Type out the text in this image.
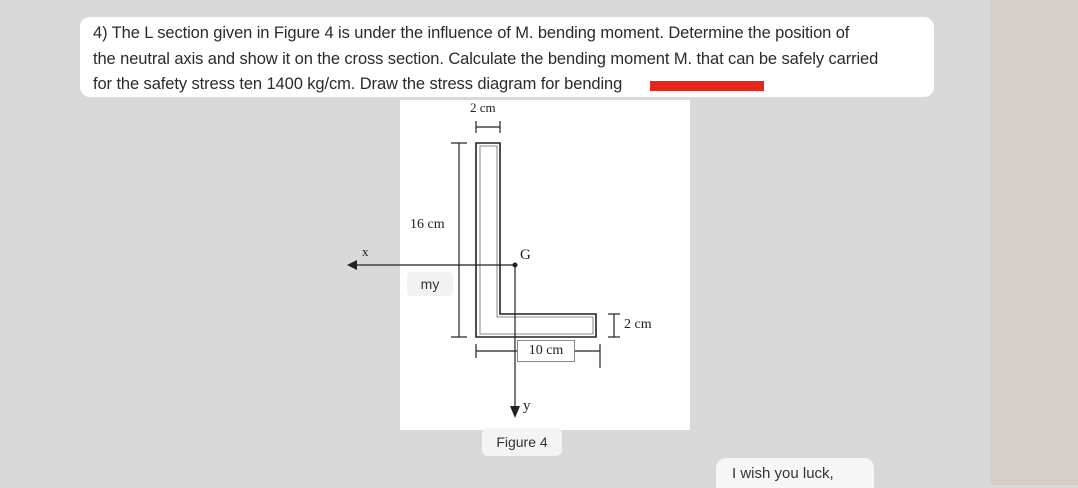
4) The L section given in Figure 4 is under the influence of M. bending moment. Determine the position of
the neutral axis and show it on the cross section. Calculate the bending moment M. that can be safely carried
for the safety stress ten 1400 kg/cm. Draw the stress diagram for bending
2 cm
16 cm
x	G
my
2 cm
10 cm
y
Figure 4
I wish you luck,
